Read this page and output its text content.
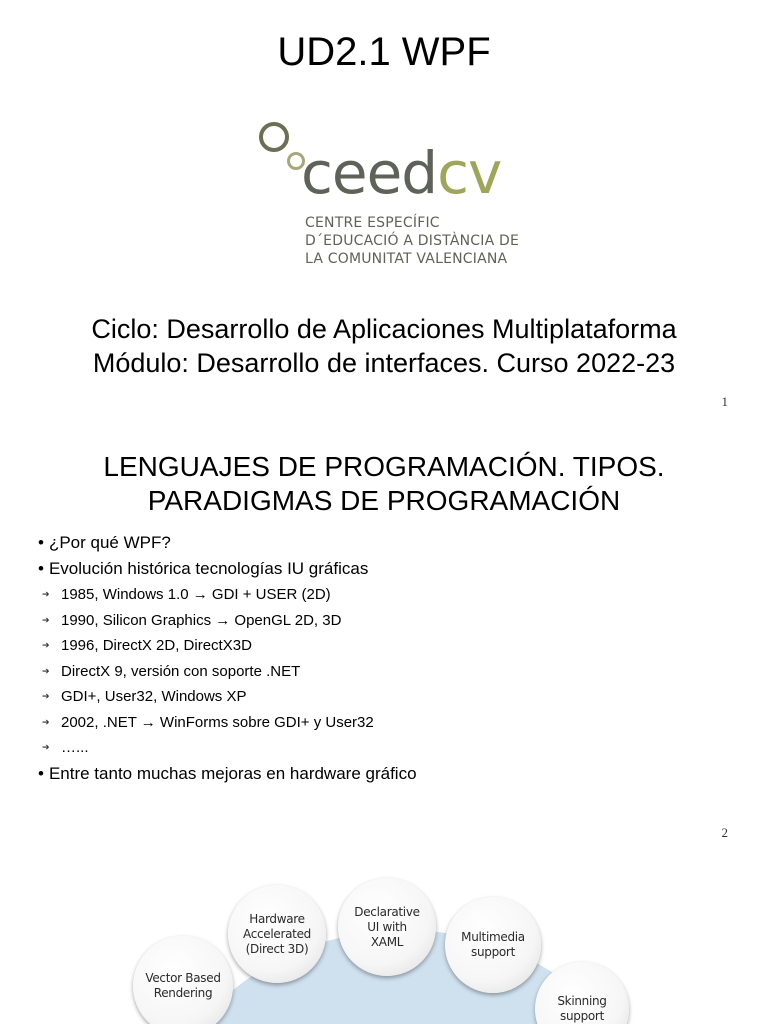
UD2.1 WPF
ceedcv
CENTRE ESPECÍFIC
D´EDUCACIÓ A DISTÀNCIA DE
LA COMUNITAT VALENCIANA
Ciclo: Desarrollo de Aplicaciones Multiplataforma
Módulo: Desarrollo de interfaces. Curso 2022-23
1
LENGUAJES DE PROGRAMACIÓN. TIPOS.
PARADIGMAS DE PROGRAMACIÓN
• ¿Por qué WPF?
• Evolución histórica tecnologías IU gráficas
➔ 1985, Windows 1.0 → GDI + USER (2D)
➔ 1990, Silicon Graphics → OpenGL 2D, 3D
➔ 1996, DirectX 2D, DirectX3D
➔ DirectX 9, versión con soporte .NET
➔ GDI+, User32, Windows XP
➔ 2002, .NET → WinForms sobre GDI+ y User32
➔ …...
• Entre tanto muchas mejoras en hardware gráfico
2
Vector Based Rendering
Hardware Accelerated (Direct 3D)
Declarative UI with XAML	Multimedia support
Skinning support
